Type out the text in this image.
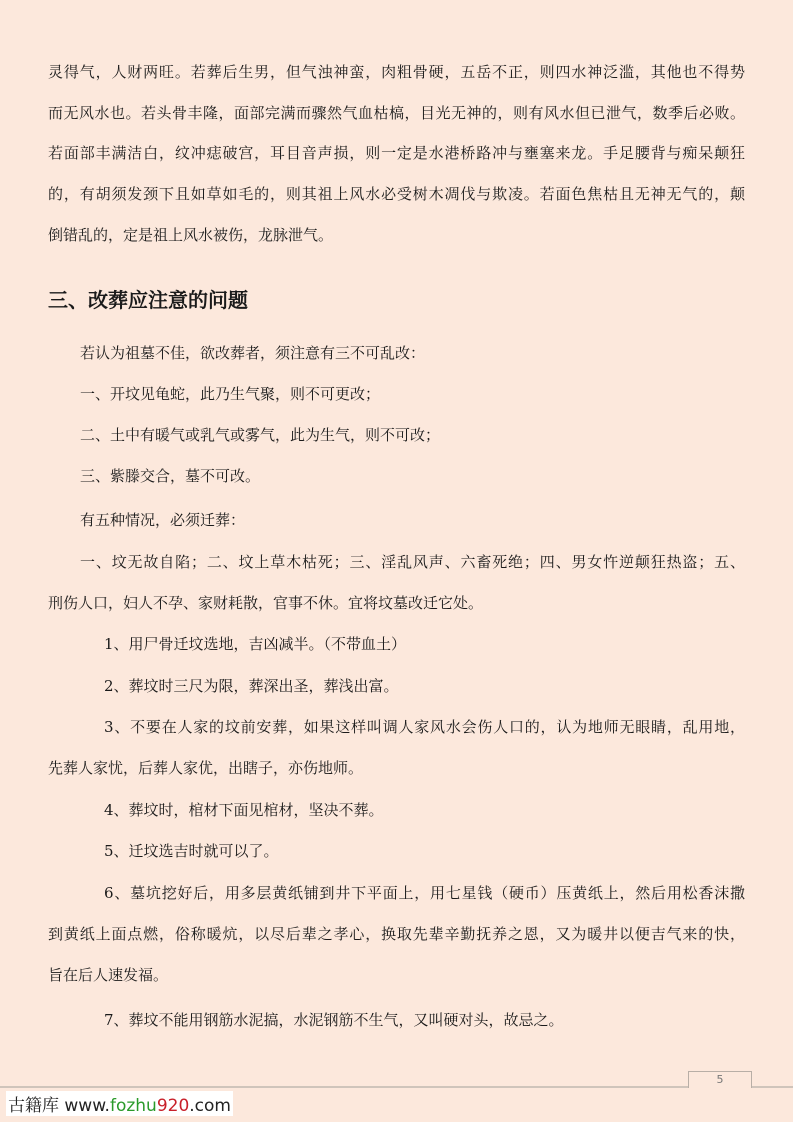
灵得气，人财两旺。若葬后生男，但气浊神蛮，肉粗骨硬，五岳不正，则四水神泛滥，其他也不得势
而无风水也。若头骨丰隆，面部完满而骤然气血枯槁，目光无神的，则有风水但已泄气，数季后必败。
若面部丰满洁白，纹冲痣破宫，耳目音声损，则一定是水港桥路冲与壅塞来龙。手足腰背与痴呆颠狂
的，有胡须发颈下且如草如毛的，则其祖上风水必受树木凋伐与欺凌。若面色焦枯且无神无气的，颠
倒错乱的，定是祖上风水被伤，龙脉泄气。
若认为祖墓不佳，欲改葬者，须注意有三不可乱改：
一、开坟见龟蛇，此乃生气聚，则不可更改；
二、土中有暖气或乳气或雾气，此为生气，则不可改；
三、紫滕交合，墓不可改。
有五种情况，必须迁葬：
一、坟无故自陷；二、坟上草木枯死；三、淫乱风声、六畜死绝；四、男女忤逆颠狂热盗；五、
刑伤人口，妇人不孕、家财耗散，官事不休。宜将坟墓改迁它处。
1、用尸骨迁坟选地，吉凶减半。（不带血土）
2、葬坟时三尺为限，葬深出圣，葬浅出富。
3、不要在人家的坟前安葬，如果这样叫调人家风水会伤人口的，认为地师无眼睛，乱用地，
先葬人家忧，后葬人家优，出瞎子，亦伤地师。
4、葬坟时，棺材下面见棺材，坚决不葬。
5、迁坟选吉时就可以了。
6、墓坑挖好后，用多层黄纸铺到井下平面上，用七星钱（硬币）压黄纸上，然后用松香沫撒
到黄纸上面点燃，俗称暖炕，以尽后辈之孝心，换取先辈辛勤抚养之恩，又为暖井以便吉气来的快，
旨在后人速发福。
7、葬坟不能用钢筋水泥搞，水泥钢筋不生气，又叫硬对头，故忌之。
三、改葬应注意的问题
5
古籍库 www.fozhu920.com
